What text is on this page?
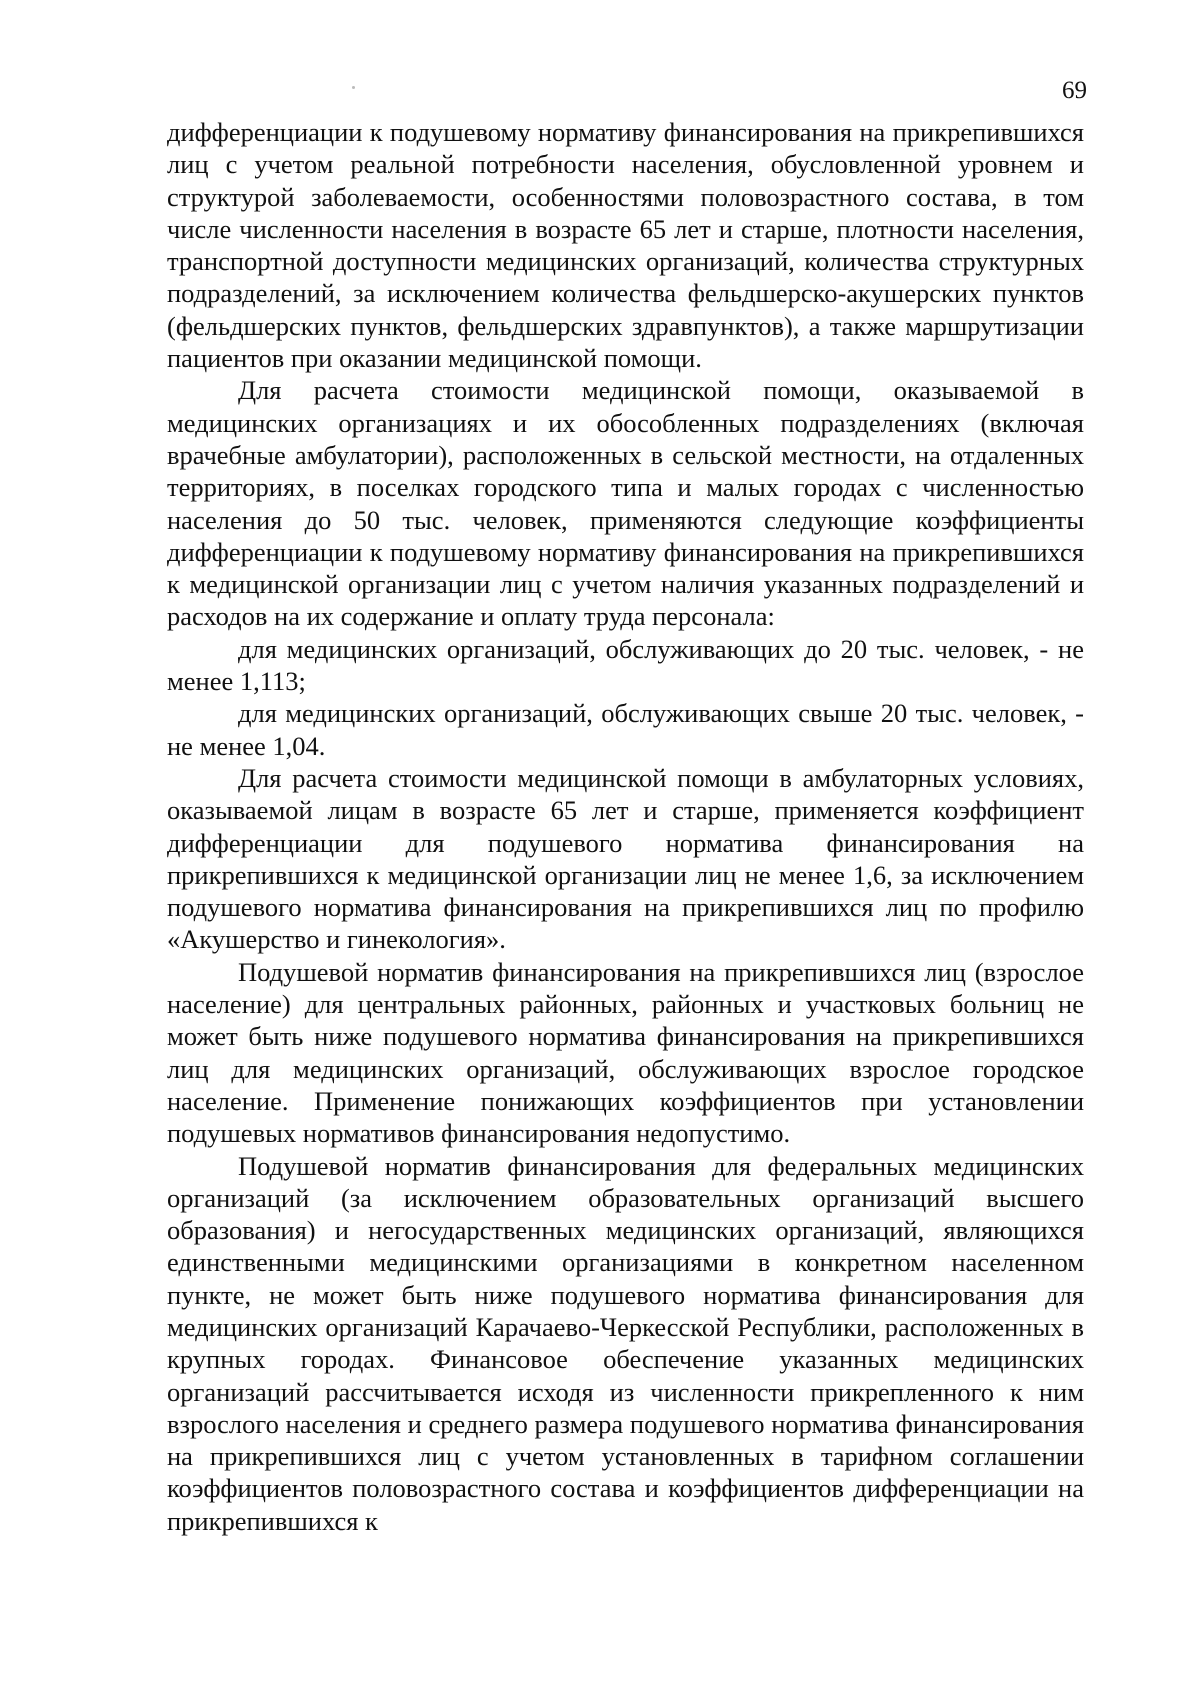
69

дифференциации к подушевому нормативу финансирования на прикрепившихся лиц с учетом реальной потребности населения, обусловленной уровнем и структурой заболеваемости, особенностями половозрастного состава, в том числе численности населения в возрасте 65 лет и старше, плотности населения, транспортной доступности медицинских организаций, количества структурных подразделений, за исключением количества фельдшерско-акушерских пунктов (фельдшерских пунктов, фельдшерских здравпунктов), а также маршрутизации пациентов при оказании медицинской помощи.

Для расчета стоимости медицинской помощи, оказываемой в медицинских организациях и их обособленных подразделениях (включая врачебные амбулатории), расположенных в сельской местности, на отдаленных территориях, в поселках городского типа и малых городах с численностью населения до 50 тыс. человек, применяются следующие коэффициенты дифференциации к подушевому нормативу финансирования на прикрепившихся к медицинской организации лиц с учетом наличия указанных подразделений и расходов на их содержание и оплату труда персонала:

для медицинских организаций, обслуживающих до 20 тыс. человек, - не менее 1,113;

для медицинских организаций, обслуживающих свыше 20 тыс. человек, - не менее 1,04.

Для расчета стоимости медицинской помощи в амбулаторных условиях, оказываемой лицам в возрасте 65 лет и старше, применяется коэффициент дифференциации для подушевого норматива финансирования на прикрепившихся к медицинской организации лиц не менее 1,6, за исключением подушевого норматива финансирования на прикрепившихся лиц по профилю «Акушерство и гинекология».

Подушевой норматив финансирования на прикрепившихся лиц (взрослое население) для центральных районных, районных и участковых больниц не может быть ниже подушевого норматива финансирования на прикрепившихся лиц для медицинских организаций, обслуживающих взрослое городское население. Применение понижающих коэффициентов при установлении подушевых нормативов финансирования недопустимо.

Подушевой норматив финансирования для федеральных медицинских организаций (за исключением образовательных организаций высшего образования) и негосударственных медицинских организаций, являющихся единственными медицинскими организациями в конкретном населенном пункте, не может быть ниже подушевого норматива финансирования для медицинских организаций Карачаево-Черкесской Республики, расположенных в крупных городах. Финансовое обеспечение указанных медицинских организаций рассчитывается исходя из численности прикрепленного к ним взрослого населения и среднего размера подушевого норматива финансирования на прикрепившихся лиц с учетом установленных в тарифном соглашении коэффициентов половозрастного состава и коэффициентов дифференциации на прикрепившихся к
